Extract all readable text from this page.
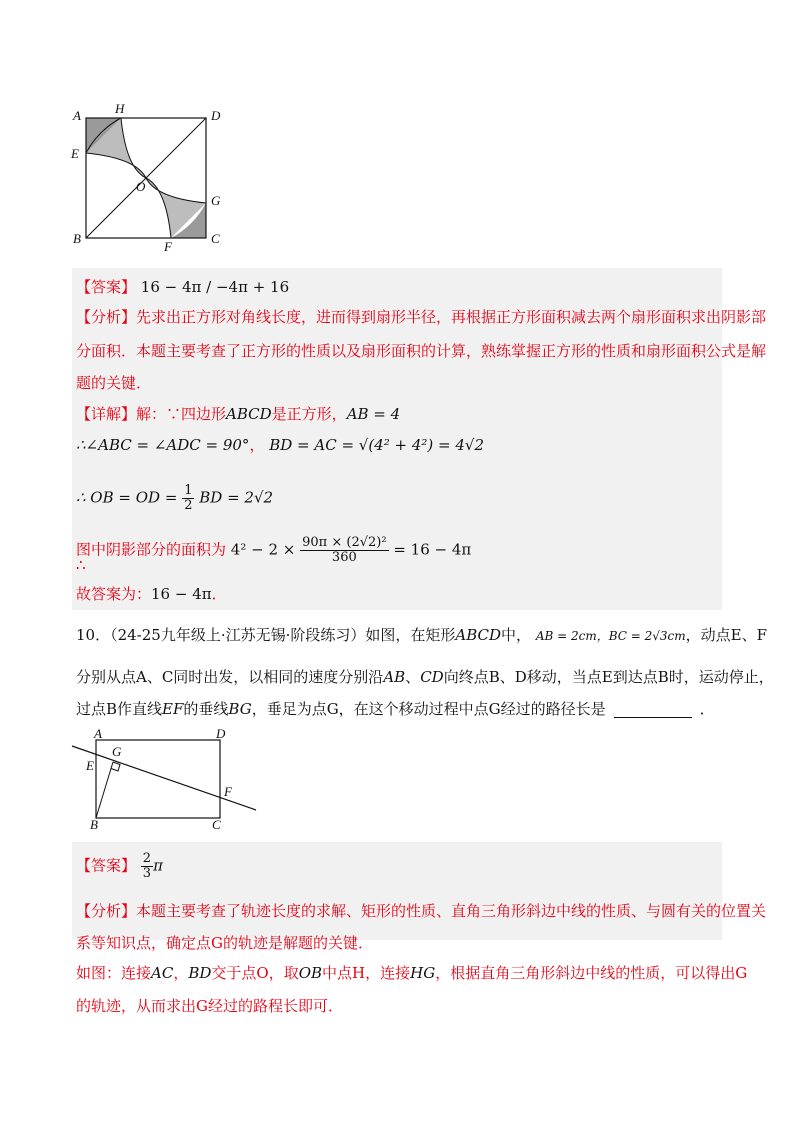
A	H	D
E
O
G
B
F
C
【答案】 16 − 4π / −4π + 16
【分析】先求出正方形对角线长度，进而得到扇形半径，再根据正方形面积减去两个扇形面积求出阴影部
分面积．本题主要考查了正方形的性质以及扇形面积的计算，熟练掌握正方形的性质和扇形面积公式是解
题的关键．
【详解】解：∵四边形ABCD是正方形，AB = 4
∴∠ABC = ∠ADC = 90°， BD = AC = √(4² + 4²) = 4√2
∴ OB = OD = $\frac{1}{2}$ BD = 2√2
图中阴影部分的面积为 $4^2 - 2 \times \frac{\text{90π × (2√2)²}}{360} = 16 - 4\pi$
∴
故答案为：16 − 4π．
10．（24-25九年级上·江苏无锡·阶段练习）如图，在矩形ABCD中， AB = 2cm，BC = 2√3cm，动点E、F
分别从点A、C同时出发，以相同的速度分别沿AB、CD向终点B、D移动，当点E到达点B时，运动停止，
过点B作直线EF的垂线BG，垂足为点G，在这个移动过程中点G经过的路径长是	．
A	D
G
E
F
B	C
【答案】 $\frac{2}{3}$ π
【分析】本题主要考查了轨迹长度的求解、矩形的性质、直角三角形斜边中线的性质、与圆有关的位置关
系等知识点，确定点G的轨迹是解题的关键．
如图：连接AC，BD交于点O，取OB中点H，连接HG，根据直角三角形斜边中线的性质，可以得出G
的轨迹，从而求出G经过的路程长即可．
